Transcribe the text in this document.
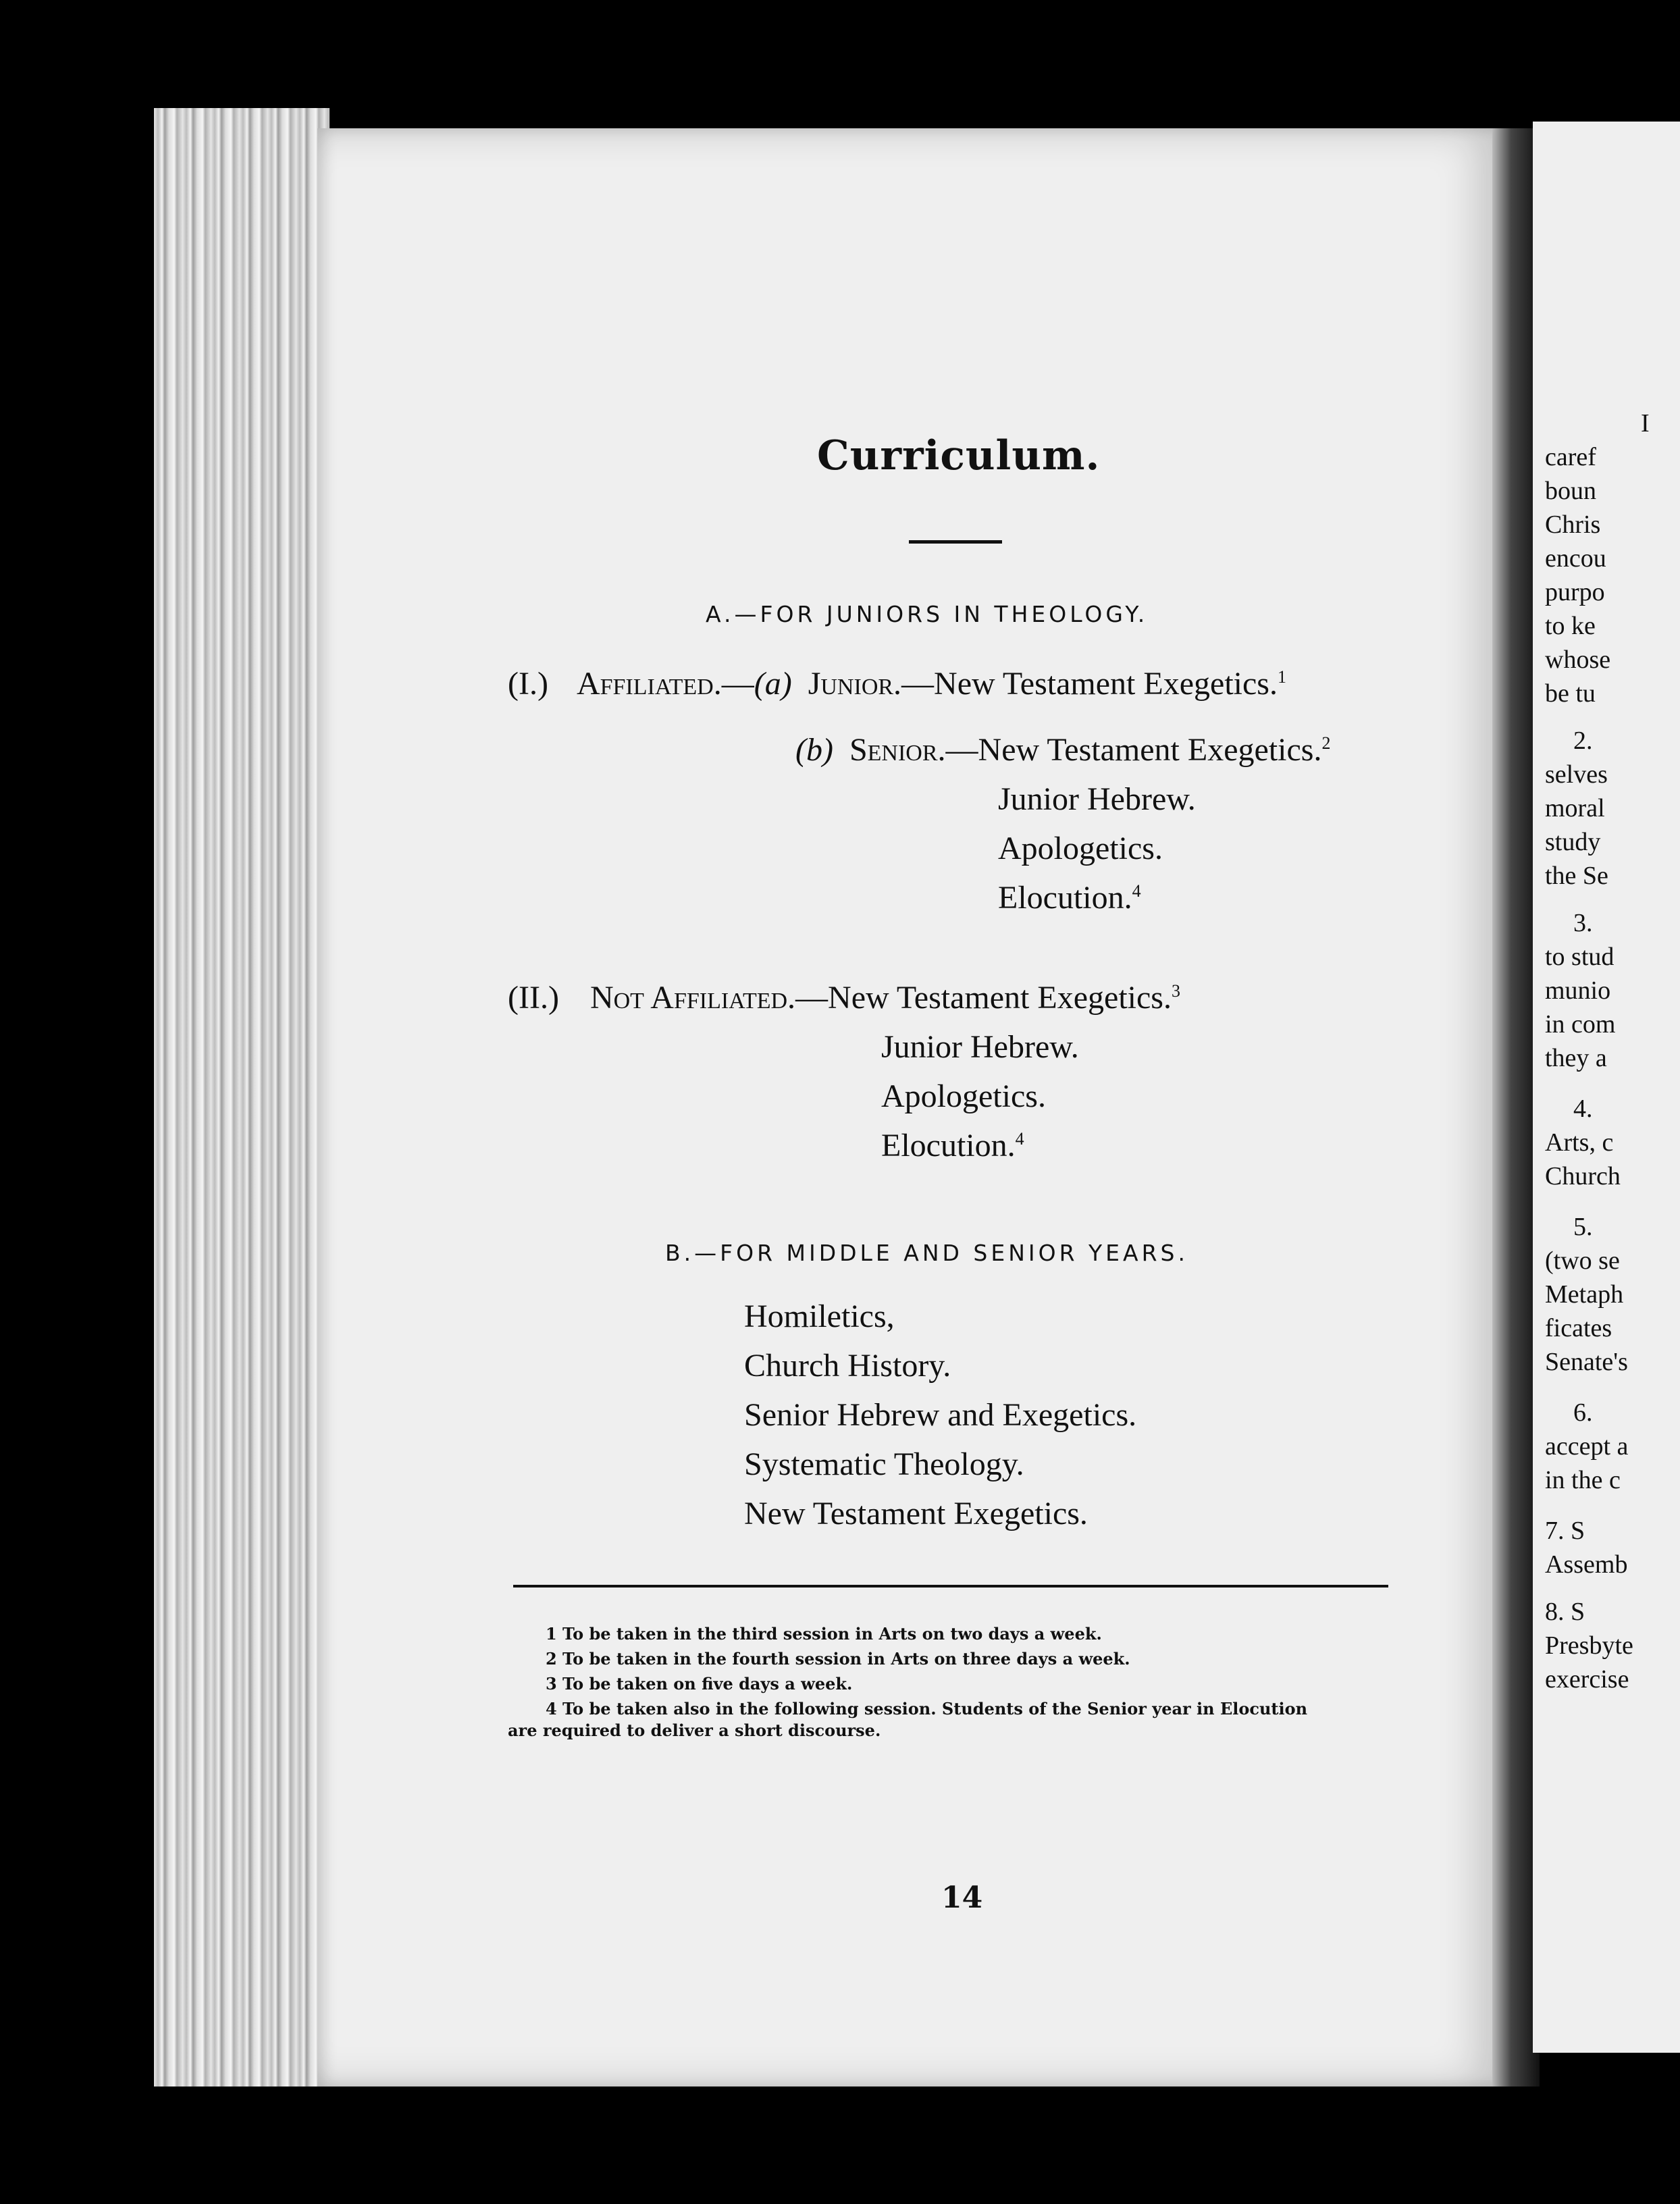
I
caref
boun
Chris
encou
purpo
to ke
whose
be tu
2.
selves
moral
study
the Se
3.
to stud
munio
in com
they a
4.
Arts, c
Church
5.
(two se
Metaph
ficates
Senate's
6.
accept a
in the c
7. S
Assemb
8. S
Presbyte
exercise
Curriculum.
A.—FOR JUNIORS IN THEOLOGY.
(I.) Affiliated.—(a) Junior.—New Testament Exegetics.$^1$
(b) Senior.—New Testament Exegetics.$^2$
Junior Hebrew.
Apologetics.
Elocution.$^4$
(II.) Not Affiliated.—New Testament Exegetics.$^3$
Junior Hebrew.
Apologetics.
Elocution.$^4$
B.—FOR MIDDLE AND SENIOR YEARS.
Homiletics,
Church History.
Senior Hebrew and Exegetics.
Systematic Theology.
New Testament Exegetics.
1 To be taken in the third session in Arts on two days a week.
2 To be taken in the fourth session in Arts on three days a week.
3 To be taken on five days a week.
4 To be taken also in the following session. Students of the Senior year in Elocution
are required to deliver a short discourse.
14
